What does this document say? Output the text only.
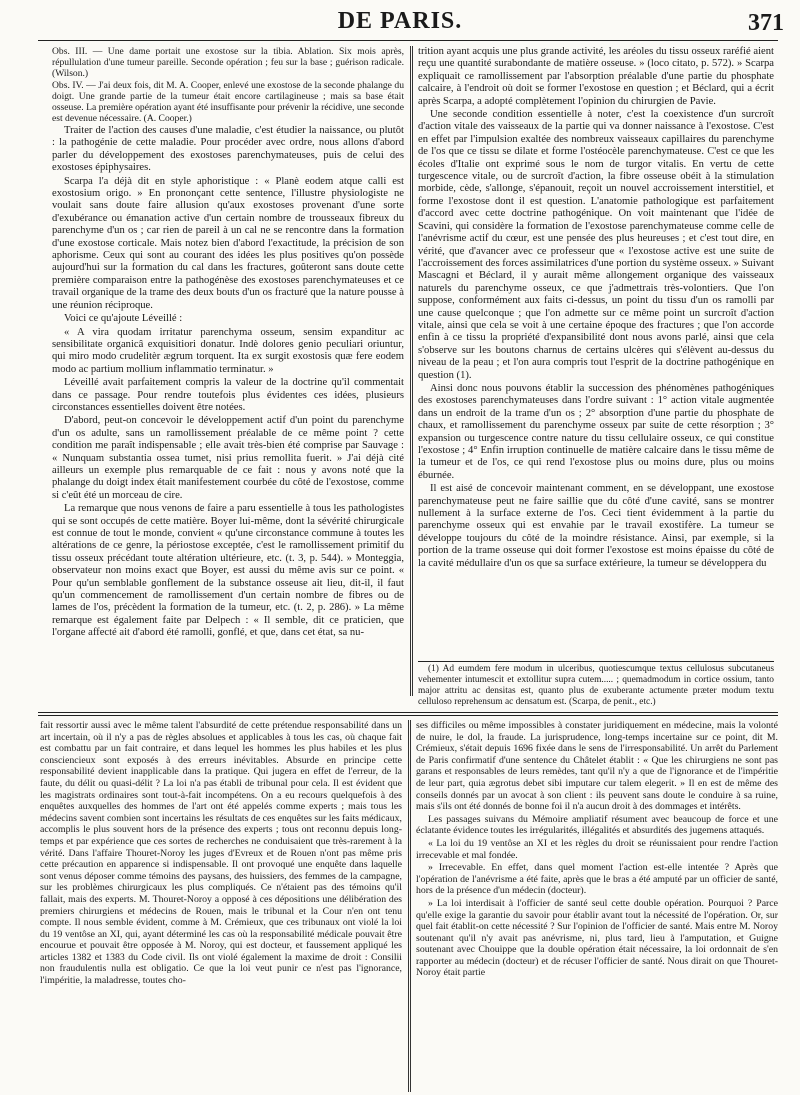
DE PARIS.	371

Obs. III. — Une dame portait une exostose sur la tibia. Ablation. Six mois après, répullulation d'une tumeur pareille. Seconde opération ; feu sur la base ; guérison radicale. (Wilson.)

Obs. IV. — J'ai deux fois, dit M. A. Cooper, enlevé une exostose de la seconde phalange du doigt. Une grande partie de la tumeur était encore cartilagineuse ; mais sa base était osseuse. La première opération ayant été insuffisante pour prévenir la récidive, une seconde est devenue nécessaire. (A. Cooper.)

Traiter de l'action des causes d'une maladie, c'est étudier la naissance, ou plutôt : la pathogénie de cette maladie. Pour procéder avec ordre, nous allons d'abord parler du développement des exostoses parenchymateuses, puis de celui des exostoses épiphysaires.

Scarpa l'a déjà dit en style aphoristique : « Planè eodem atque calli est exostosium origo. » En prononçant cette sentence, l'illustre physiologiste ne voulait sans doute faire allusion qu'aux exostoses provenant d'une sorte d'exubérance ou émanation active d'un certain nombre de trousseaux fibreux du parenchyme d'un os ; car rien de pareil à un cal ne se rencontre dans la formation d'une exostose corticale. Mais notez bien d'abord l'exactitude, la précision de son aphorisme. Ceux qui sont au courant des idées les plus positives qu'on possède aujourd'hui sur la formation du cal dans les fractures, goûteront sans doute cette première comparaison entre la pathogénèse des exostoses parenchymateuses et ce travail organique de la trame des deux bouts d'un os fracturé que la nature pousse à une réunion réciproque.

Voici ce qu'ajoute Léveillé :

« A vira quodam irritatur parenchyma osseum, sensim expanditur ac sensibilitate organicâ exquisitiori donatur. Indè dolores genio peculiari oriuntur, qui miro modo crudelitèr ægrum torquent. Ita ex surgit exostosis quæ fere eodem modo ac partium mollium inflammatio terminatur. »

Léveillé avait parfaitement compris la valeur de la doctrine qu'il commentait dans ce passage. Pour rendre toutefois plus évidentes ces idées, plusieurs circonstances essentielles doivent être notées.

D'abord, peut-on concevoir le développement actif d'un point du parenchyme d'un os adulte, sans un ramollissement préalable de ce même point ? cette condition me paraît indispensable ; elle avait très-bien été comprise par Sauvage : « Nunquam substantia ossea tumet, nisi prius remollita fuerit. » J'ai déjà cité ailleurs un exemple plus remarquable de ce fait : nous y avons noté que la phalange du doigt index était manifestement courbée du côté de l'exostose, comme si c'eût été un morceau de cire.

La remarque que nous venons de faire a paru essentielle à tous les pathologistes qui se sont occupés de cette matière. Boyer lui-même, dont la sévérité chirurgicale est connue de tout le monde, convient « qu'une circonstance commune à toutes les altérations de ce genre, la périostose exceptée, c'est le ramollissement primitif du tissu osseux précédant toute altération ultérieure, etc. (t. 3, p. 544). » Monteggia, observateur non moins exact que Boyer, est aussi du même avis sur ce point. « Pour qu'un semblable gonflement de la substance osseuse ait lieu, dit-il, il faut qu'un commencement de ramollissement d'un certain nombre de fibres ou de lames de l'os, précèdent la formation de la tumeur, etc. (t. 2, p. 286). » La même remarque est également faite par Delpech : « Il semble, dit ce praticien, que l'organe affecté ait d'abord été ramolli, gonflé, et que, dans cet état, sa nu-

trition ayant acquis une plus grande activité, les aréoles du tissu osseux raréfié aient reçu une quantité surabondante de matière osseuse. » (loco citato, p. 572). » Scarpa expliquait ce ramollissement par l'absorption préalable d'une partie du phosphate calcaire, à l'endroit où doit se former l'exostose en question ; et Béclard, qui a écrit après Scarpa, a adopté complètement l'opinion du chirurgien de Pavie.

Une seconde condition essentielle à noter, c'est la coexistence d'un surcroît d'action vitale des vaisseaux de la partie qui va donner naissance à l'exostose. C'est en effet par l'impulsion exaltée des nombreux vaisseaux capillaires du parenchyme de l'os que ce tissu se dilate et forme l'ostéocèle parenchymateuse. C'est ce que les écoles d'Italie ont exprimé sous le nom de turgor vitalis. En vertu de cette turgescence vitale, ou de surcroît d'action, la fibre osseuse obéit à la stimulation morbide, cède, s'allonge, s'épanouit, reçoit un nouvel accroissement interstitiel, et forme l'exostose dont il est question. L'anatomie pathologique est parfaitement d'accord avec cette doctrine pathogénique. On voit maintenant que l'idée de Scavini, qui considère la formation de l'exostose parenchymateuse comme celle de l'anévrisme actif du cœur, est une pensée des plus heureuses ; et c'est tout dire, en vérité, que d'avancer avec ce professeur que « l'exostose active est une suite de l'accroissement des forces assimilatrices d'une portion du système osseux. » Suivant Mascagni et Béclard, il y aurait même allongement organique des vaisseaux naturels du parenchyme osseux, ce que j'admettrais très-volontiers. Que l'on suppose, conformément aux faits ci-dessus, un point du tissu d'un os ramolli par une cause quelconque ; que l'on admette sur ce même point un surcroît d'action vitale, ainsi que cela se voit à une certaine époque des fractures ; que l'on accorde enfin à ce tissu la propriété d'expansibilité dont nous avons parlé, ainsi que cela s'observe sur les boutons charnus de certains ulcères qui s'élèvent au-dessus du niveau de la peau ; et l'on aura compris tout l'esprit de la doctrine pathogénique en question (1).

Ainsi donc nous pouvons établir la succession des phénomènes pathogéniques des exostoses parenchymateuses dans l'ordre suivant : 1° action vitale augmentée dans un endroit de la trame d'un os ; 2° absorption d'une partie du phosphate de chaux, et ramollissement du parenchyme osseux par suite de cette résorption ; 3° expansion ou turgescence contre nature du tissu cellulaire osseux, ce qui constitue l'exostose ; 4° Enfin irruption continuelle de matière calcaire dans le tissu même de la tumeur et de l'os, ce qui rend l'exostose plus ou moins dure, plus ou moins éburnée.

Il est aisé de concevoir maintenant comment, en se développant, une exostose parenchymateuse peut ne faire saillie que du côté d'une cavité, sans se montrer nullement à la surface externe de l'os. Ceci tient évidemment à la partie du parenchyme osseux qui est envahie par le travail exostifère. La tumeur se développe toujours du côté de la moindre résistance. Ainsi, par exemple, si la portion de la trame osseuse qui doit former l'exostose est moins épaisse du côté de la cavité médullaire d'un os que sa surface extérieure, la tumeur se développera du

(1) Ad eumdem fere modum in ulceribus, quotiescumque textus cellulosus subcutaneus vehementer intumescit et extollitur supra cutem..... ; quemadmodum in cortice ossium, tanto major attritu ac densitas est, quanto plus de exuberante actumente præter modum textu celluloso reprehensum ac densatum est. (Scarpa, de penit., etc.)

fait ressortir aussi avec le même talent l'absurdité de cette prétendue responsabilité dans un art incertain, où il n'y a pas de règles absolues et applicables à tous les cas, où chaque fait est combattu par un fait contraire, et dans lequel les hommes les plus habiles et les plus consciencieux sont exposés à des erreurs inévitables. Absurde en principe cette responsabilité devient inapplicable dans la pratique. Qui jugera en effet de l'erreur, de la faute, du délit ou quasi-délit ? La loi n'a pas établi de tribunal pour cela. Il est évident que les magistrats ordinaires sont tout-à-fait incompétens. On a eu recours quelquefois à des enquêtes auxquelles des hommes de l'art ont été appelés comme experts ; mais tous les médecins savent combien sont incertains les résultats de ces enquêtes sur les faits médicaux, accomplis le plus souvent hors de la présence des experts ; tous ont reconnu depuis long-temps et par expérience que ces sortes de recherches ne conduisaient que très-rarement à la vérité. Dans l'affaire Thouret-Noroy les juges d'Evreux et de Rouen n'ont pas même pris cette précaution en apparence si indispensable. Il ont provoqué une enquête dans laquelle sont venus déposer comme témoins des paysans, des huissiers, des femmes de la campagne, sur les problèmes chirurgicaux les plus compliqués. Ce n'étaient pas des témoins qu'il fallait, mais des experts. M. Thouret-Noroy a opposé à ces dépositions une délibération des premiers chirurgiens et médecins de Rouen, mais le tribunal et la Cour n'en ont tenu compte. Il nous semble évident, comme à M. Crémieux, que ces tribunaux ont violé la loi du 19 ventôse an XI, qui, ayant déterminé les cas où la responsabilité médicale pouvait être encourue et pouvait être opposée à M. Noroy, qui est docteur, et faussement appliqué les articles 1382 et 1383 du Code civil. Ils ont violé également la maxime de droit : Consilii non fraudulentis nulla est obligatio. Ce que la loi veut punir ce n'est pas l'ignorance, l'impéritie, la maladresse, toutes cho-

ses difficiles ou même impossibles à constater juridiquement en médecine, mais la volonté de nuire, le dol, la fraude. La jurisprudence, long-temps incertaine sur ce point, dit M. Crémieux, s'était depuis 1696 fixée dans le sens de l'irresponsabilité. Un arrêt du Parlement de Paris confirmatif d'une sentence du Châtelet établit : « Que les chirurgiens ne sont pas garans et responsables de leurs remèdes, tant qu'il n'y a que de l'ignorance et de l'impéritie de leur part, quia ægrotus debet sibi imputare cur talem elegerit. » Il en est de même des conseils donnés par un avocat à son client : ils peuvent sans doute le conduire à sa ruine, mais s'ils ont été donnés de bonne foi il n'a aucun droit à des dommages et intérêts.

Les passages suivans du Mémoire ampliatif résument avec beaucoup de force et une éclatante évidence toutes les irrégularités, illégalités et absurdités des jugemens attaqués.

« La loi du 19 ventôse an XI et les règles du droit se réunissaient pour rendre l'action irrecevable et mal fondée.

» Irrecevable. En effet, dans quel moment l'action est-elle intentée ? Après que l'opération de l'anévrisme a été faite, après que le bras a été amputé par un officier de santé, hors de la présence d'un médecin (docteur).

» La loi interdisait à l'officier de santé seul cette double opération. Pourquoi ? Parce qu'elle exige la garantie du savoir pour établir avant tout la nécessité de l'opération. Or, sur quel fait établit-on cette nécessité ? Sur l'opinion de l'officier de santé. Mais entre M. Noroy soutenant qu'il n'y avait pas anévrisme, ni, plus tard, lieu à l'amputation, et Guigne soutenant avec Chouippe que la double opération était nécessaire, la loi ordonnait de s'en rapporter au médecin (docteur) et de récuser l'officier de santé. Nous dirait on que Thouret-Noroy était partie
